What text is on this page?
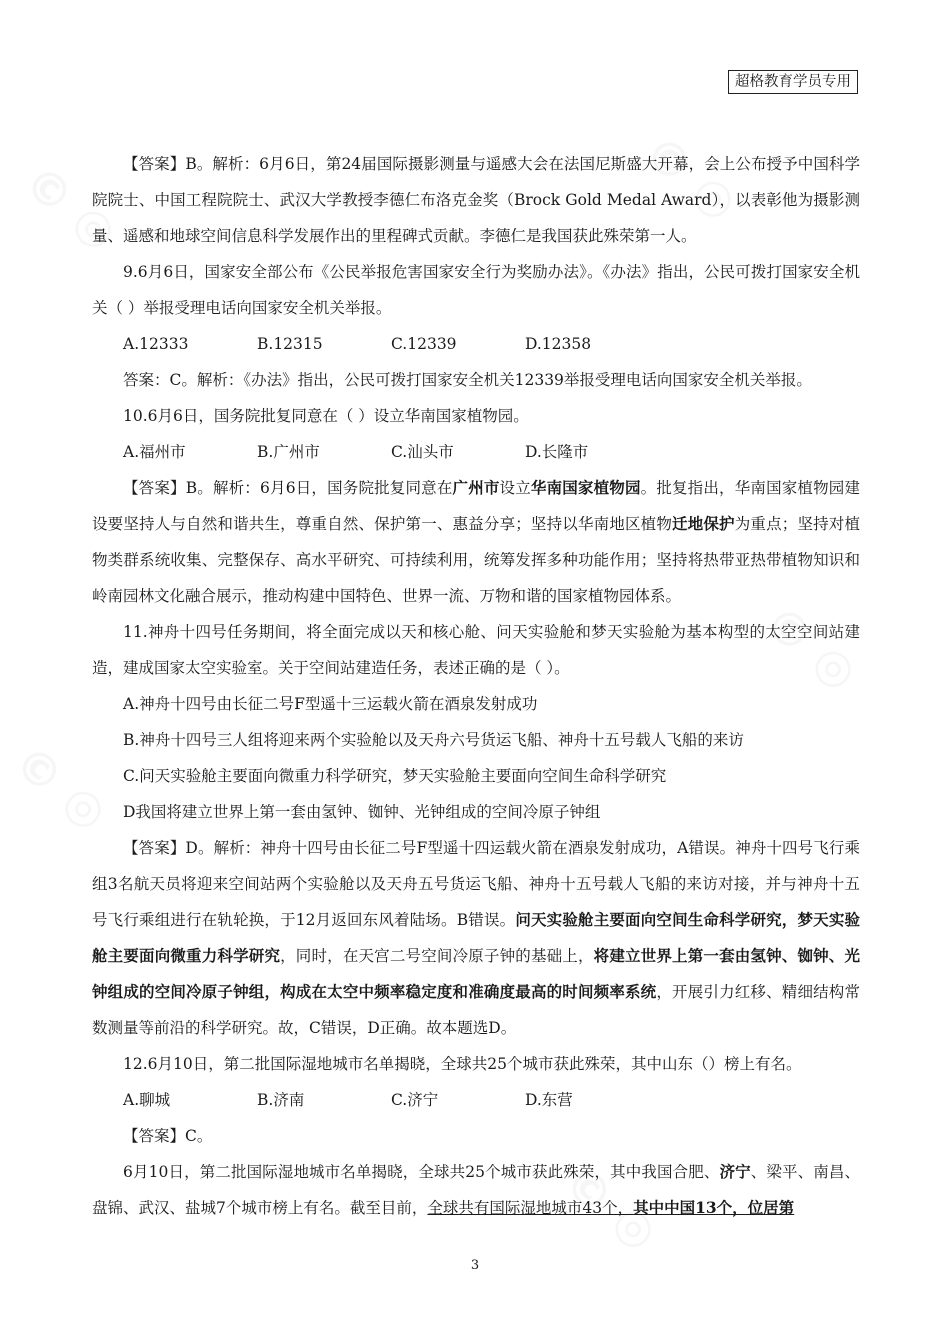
超格教育学员专用

【答案】B。解析：6月6日，第24届国际摄影测量与遥感大会在法国尼斯盛大开幕，会上公布授予中国科学院院士、中国工程院院士、武汉大学教授李德仁布洛克金奖（Brock Gold Medal Award），以表彰他为摄影测量、遥感和地球空间信息科学发展作出的里程碑式贡献。李德仁是我国获此殊荣第一人。

9.6月6日，国家安全部公布《公民举报危害国家安全行为奖励办法》。《办法》指出，公民可拨打国家安全机关（ ）举报受理电话向国家安全机关举报。

A.12333	B.12315	C.12339	D.12358

答案：C。解析：《办法》指出，公民可拨打国家安全机关12339举报受理电话向国家安全机关举报。

10.6月6日，国务院批复同意在（ ）设立华南国家植物园。

A.福州市	B.广州市	C.汕头市	D.长隆市

【答案】B。解析：6月6日，国务院批复同意在广州市设立华南国家植物园。批复指出，华南国家植物园建设要坚持人与自然和谐共生，尊重自然、保护第一、惠益分享；坚持以华南地区植物迁地保护为重点；坚持对植物类群系统收集、完整保存、高水平研究、可持续利用，统筹发挥多种功能作用；坚持将热带亚热带植物知识和岭南园林文化融合展示，推动构建中国特色、世界一流、万物和谐的国家植物园体系。

11.神舟十四号任务期间，将全面完成以天和核心舱、问天实验舱和梦天实验舱为基本构型的太空空间站建造，建成国家太空实验室。关于空间站建造任务，表述正确的是（ ）。

A.神舟十四号由长征二号F型遥十三运载火箭在酒泉发射成功

B.神舟十四号三人组将迎来两个实验舱以及天舟六号货运飞船、神舟十五号载人飞船的来访

C.问天实验舱主要面向微重力科学研究，梦天实验舱主要面向空间生命科学研究

D我国将建立世界上第一套由氢钟、铷钟、光钟组成的空间冷原子钟组

【答案】D。解析：神舟十四号由长征二号F型遥十四运载火箭在酒泉发射成功，A错误。神舟十四号飞行乘组3名航天员将迎来空间站两个实验舱以及天舟五号货运飞船、神舟十五号载人飞船的来访对接，并与神舟十五号飞行乘组进行在轨轮换，于12月返回东风着陆场。B错误。问天实验舱主要面向空间生命科学研究，梦天实验舱主要面向微重力科学研究，同时，在天宫二号空间冷原子钟的基础上，将建立世界上第一套由氢钟、铷钟、光钟组成的空间冷原子钟组，构成在太空中频率稳定度和准确度最高的时间频率系统，开展引力红移、精细结构常数测量等前沿的科学研究。故，C错误，D正确。故本题选D。

12.6月10日，第二批国际湿地城市名单揭晓，全球共25个城市获此殊荣，其中山东（）榜上有名。

A.聊城	B.济南	C.济宁	D.东营

【答案】C。

6月10日，第二批国际湿地城市名单揭晓，全球共25个城市获此殊荣，其中我国合肥、济宁、梁平、南昌、盘锦、武汉、盐城7个城市榜上有名。截至目前，全球共有国际湿地城市43个，其中中国13个，位居第

3
